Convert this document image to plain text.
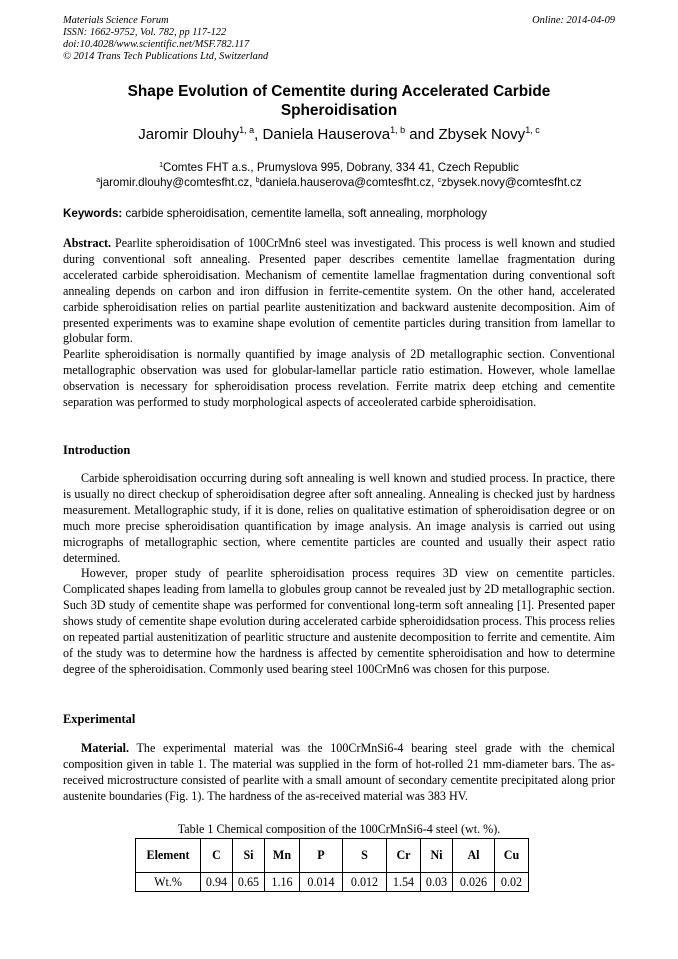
Materials Science Forum
ISSN: 1662-9752, Vol. 782, pp 117-122
doi:10.4028/www.scientific.net/MSF.782.117
© 2014 Trans Tech Publications Ltd, Switzerland
Online: 2014-04-09
Shape Evolution of Cementite during Accelerated Carbide
Spheroidisation
Jaromir Dlouhy$^{1, a}$, Daniela Hauserova$^{1, b}$ and Zbysek Novy$^{1, c}$
$^1$Comtes FHT a.s., Prumyslova 995, Dobrany, 334 41, Czech Republic
$^a$jaromir.dlouhy@comtesfht.cz, $^b$daniela.hauserova@comtesfht.cz, $^c$zbysek.novy@comtesfht.cz
Keywords: carbide spheroidisation, cementite lamella, soft annealing, morphology
Abstract. Pearlite spheroidisation of 100CrMn6 steel was investigated. This process is well known and studied during conventional soft annealing. Presented paper describes cementite lamellae fragmentation during accelerated carbide spheroidisation. Mechanism of cementite lamellae fragmentation during conventional soft annealing depends on carbon and iron diffusion in ferrite-cementite system. On the other hand, accelerated carbide spheroidisation relies on partial pearlite austenitization and backward austenite decomposition. Aim of presented experiments was to examine shape evolution of cementite particles during transition from lamellar to globular form.
Pearlite spheroidisation is normally quantified by image analysis of 2D metallographic section. Conventional metallographic observation was used for globular-lamellar particle ratio estimation. However, whole lamellae observation is necessary for spheroidisation process revelation. Ferrite matrix deep etching and cementite separation was performed to study morphological aspects of acceolerated carbide spheroidisation.
Introduction
Carbide spheroidisation occurring during soft annealing is well known and studied process. In practice, there is usually no direct checkup of spheroidisation degree after soft annealing. Annealing is checked just by hardness measurement. Metallographic study, if it is done, relies on qualitative estimation of spheroidisation degree or on much more precise spheroidisation quantification by image analysis. An image analysis is carried out using micrographs of metallographic section, where cementite particles are counted and usually their aspect ratio determined.
However, proper study of pearlite spheroidisation process requires 3D view on cementite particles. Complicated shapes leading from lamella to globules group cannot be revealed just by 2D metallographic section. Such 3D study of cementite shape was performed for conventional long-term soft annealing [1]. Presented paper shows study of cementite shape evolution during accelerated carbide spheroididsation process. This process relies on repeated partial austenitization of pearlitic structure and austenite decomposition to ferrite and cementite. Aim of the study was to determine how the hardness is affected by cementite spheroidisation and how to determine degree of the spheroidisation. Commonly used bearing steel 100CrMn6 was chosen for this purpose.
Experimental
Material. The experimental material was the 100CrMnSi6-4 bearing steel grade with the chemical composition given in table 1. The material was supplied in the form of hot-rolled 21 mm-diameter bars. The as-received microstructure consisted of pearlite with a small amount of secondary cementite precipitated along prior austenite boundaries (Fig. 1). The hardness of the as-received material was 383 HV.
Table 1 Chemical composition of the 100CrMnSi6-4 steel (wt. %).
Element	C	Si	Mn	P	S	Cr	Ni	Al	Cu
Wt.%	0.94	0.65	1.16	0.014	0.012	1.54	0.03	0.026	0.02
